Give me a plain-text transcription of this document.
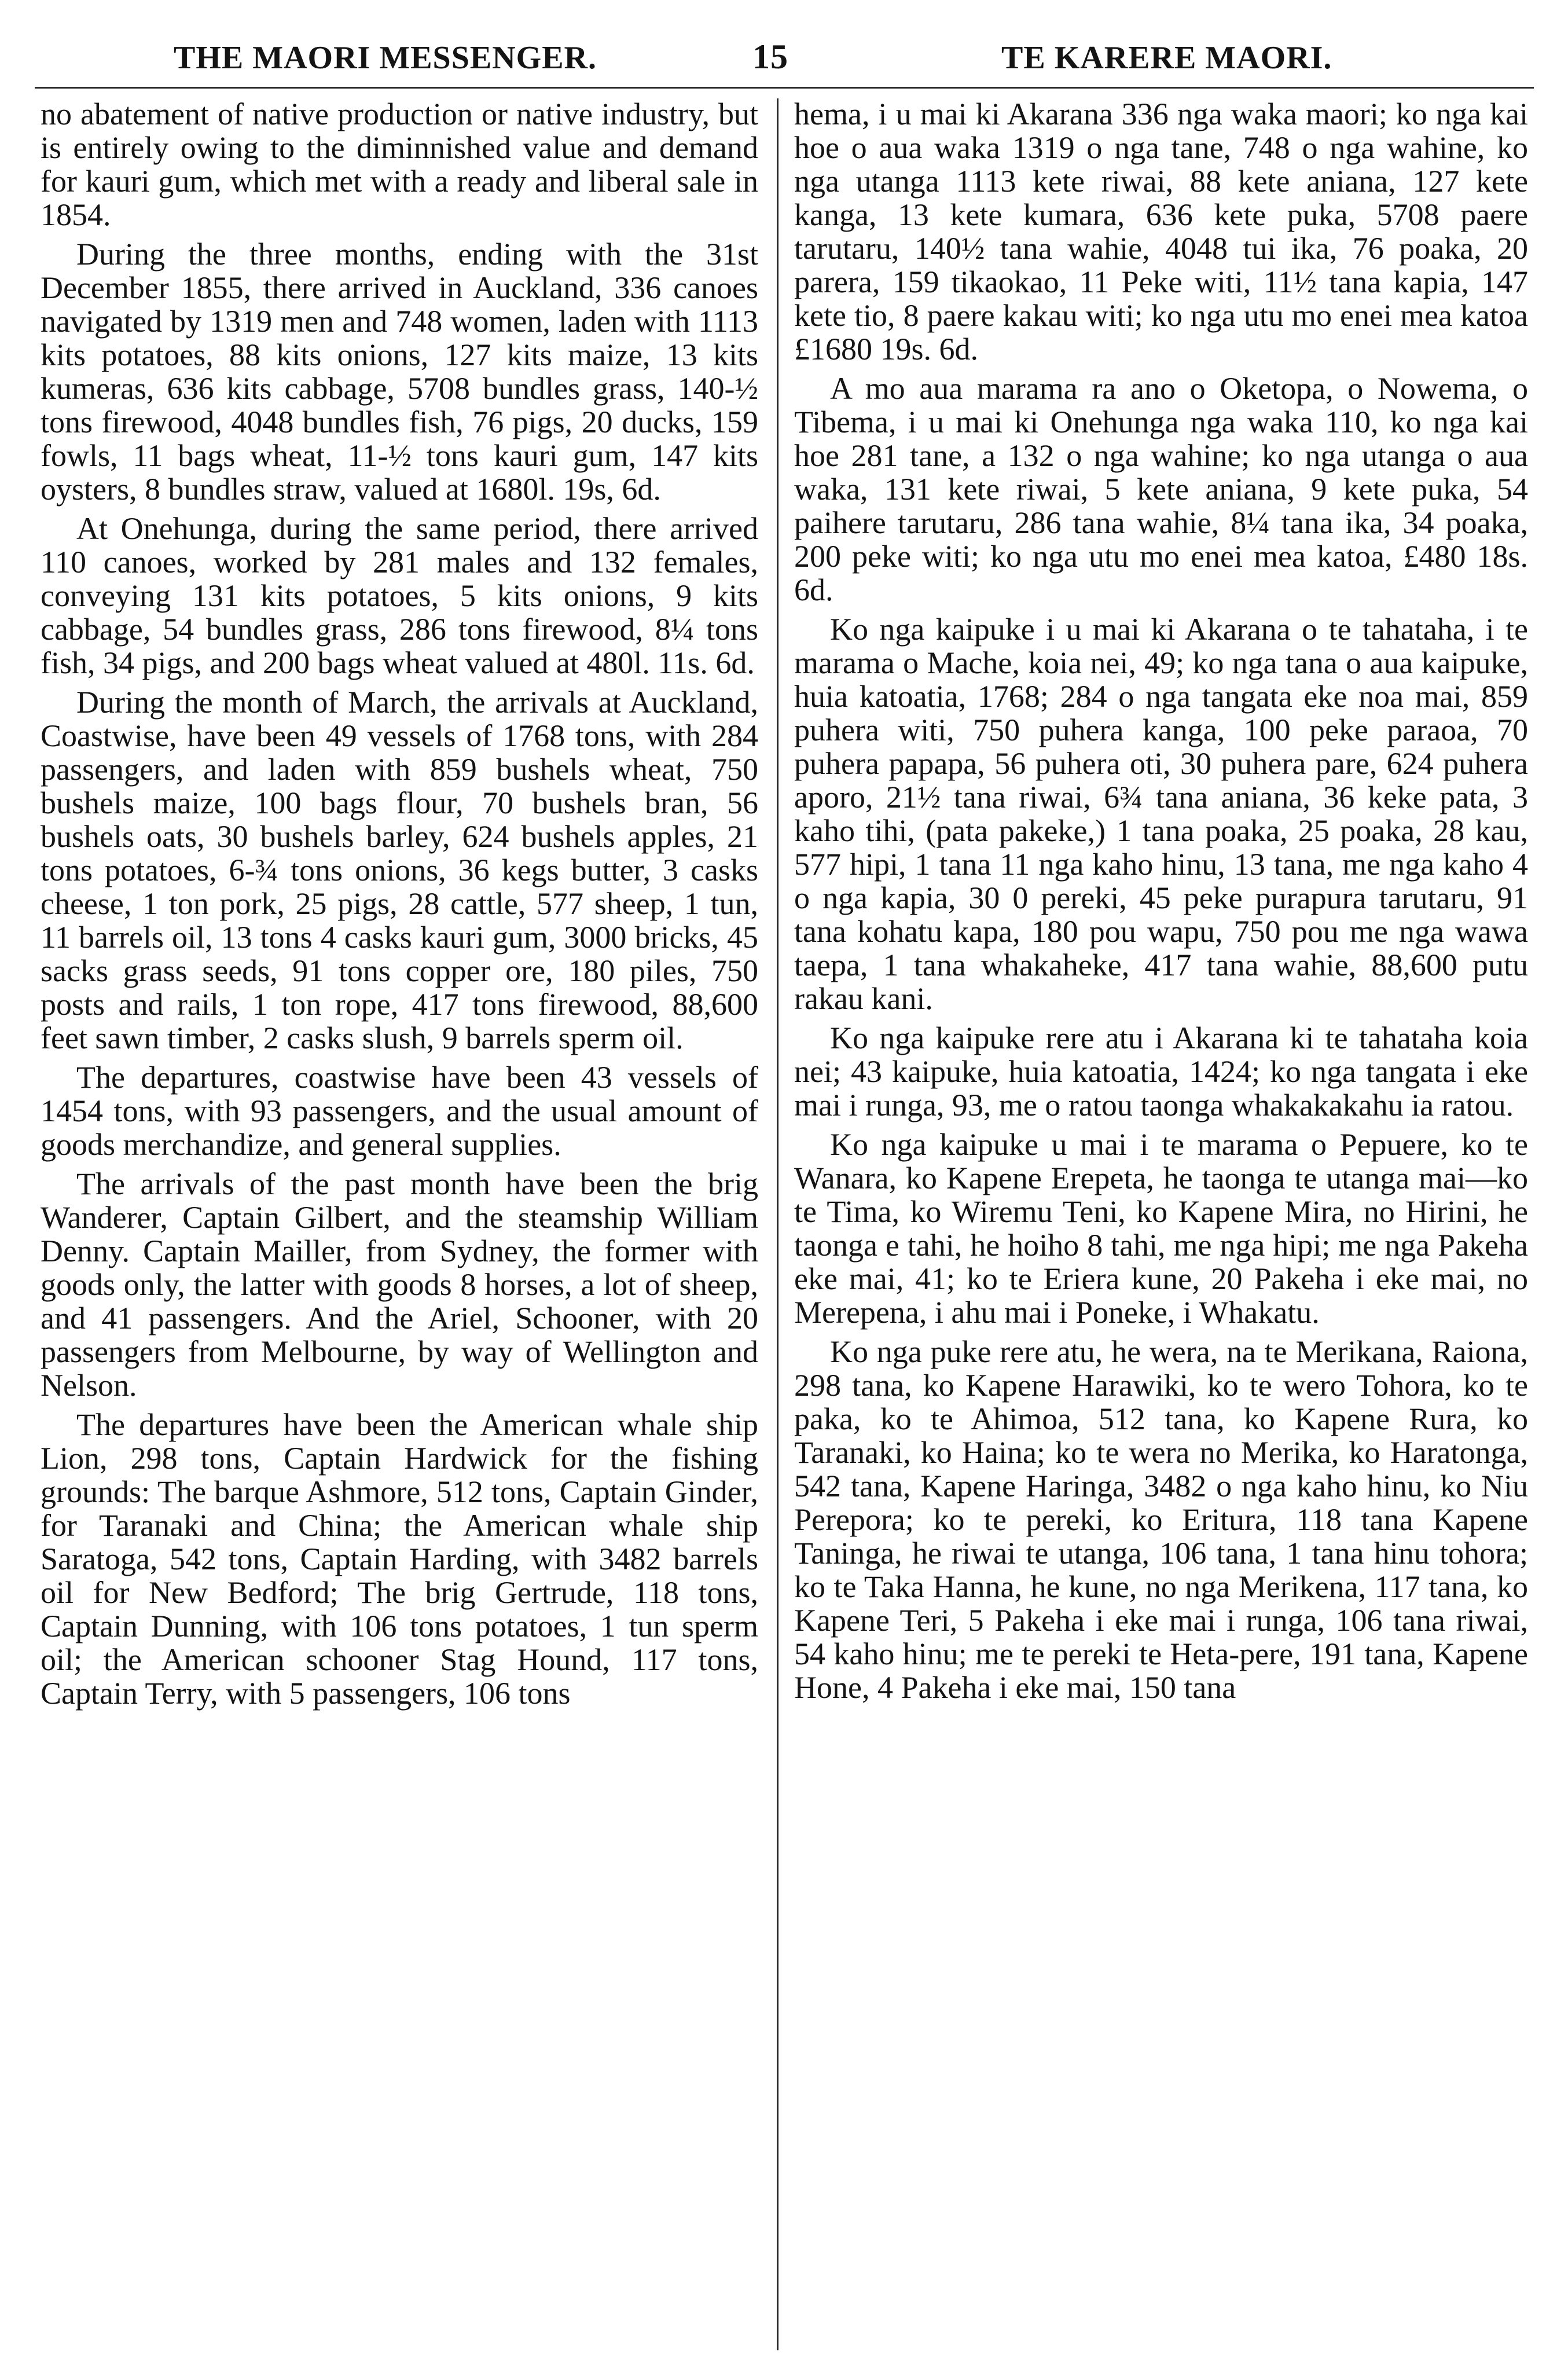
THE MAORI MESSENGER.	15	TE KARERE MAORI.

no abatement of native production or native industry, but is entirely owing to the diminnished value and demand for kauri gum, which met with a ready and liberal sale in 1854.

During the three months, ending with the 31st December 1855, there arrived in Auckland, 336 canoes navigated by 1319 men and 748 women, laden with 1113 kits potatoes, 88 kits onions, 127 kits maize, 13 kits kumeras, 636 kits cabbage, 5708 bundles grass, 140-½ tons firewood, 4048 bundles fish, 76 pigs, 20 ducks, 159 fowls, 11 bags wheat, 11-½ tons kauri gum, 147 kits oysters, 8 bundles straw, valued at 1680l. 19s, 6d.

At Onehunga, during the same period, there arrived 110 canoes, worked by 281 males and 132 females, conveying 131 kits potatoes, 5 kits onions, 9 kits cabbage, 54 bundles grass, 286 tons firewood, 8¼ tons fish, 34 pigs, and 200 bags wheat valued at 480l. 11s. 6d.

During the month of March, the arrivals at Auckland, Coastwise, have been 49 vessels of 1768 tons, with 284 passengers, and laden with 859 bushels wheat, 750 bushels maize, 100 bags flour, 70 bushels bran, 56 bushels oats, 30 bushels barley, 624 bushels apples, 21 tons potatoes, 6-¾ tons onions, 36 kegs butter, 3 casks cheese, 1 ton pork, 25 pigs, 28 cattle, 577 sheep, 1 tun, 11 barrels oil, 13 tons 4 casks kauri gum, 3000 bricks, 45 sacks grass seeds, 91 tons copper ore, 180 piles, 750 posts and rails, 1 ton rope, 417 tons firewood, 88,600 feet sawn timber, 2 casks slush, 9 barrels sperm oil.

The departures, coastwise have been 43 vessels of 1454 tons, with 93 passengers, and the usual amount of goods merchandize, and general supplies.

The arrivals of the past month have been the brig Wanderer, Captain Gilbert, and the steamship William Denny. Captain Mailler, from Sydney, the former with goods only, the latter with goods 8 horses, a lot of sheep, and 41 passengers. And the Ariel, Schooner, with 20 passengers from Melbourne, by way of Wellington and Nelson.

The departures have been the American whale ship Lion, 298 tons, Captain Hardwick for the fishing grounds: The barque Ashmore, 512 tons, Captain Ginder, for Taranaki and China; the American whale ship Saratoga, 542 tons, Captain Harding, with 3482 barrels oil for New Bedford; The brig Gertrude, 118 tons, Captain Dunning, with 106 tons potatoes, 1 tun sperm oil; the American schooner Stag Hound, 117 tons, Captain Terry, with 5 passengers, 106 tons

hema, i u mai ki Akarana 336 nga waka maori; ko nga kai hoe o aua waka 1319 o nga tane, 748 o nga wahine, ko nga utanga 1113 kete riwai, 88 kete aniana, 127 kete kanga, 13 kete kumara, 636 kete puka, 5708 paere tarutaru, 140½ tana wahie, 4048 tui ika, 76 poaka, 20 parera, 159 tikaokao, 11 Peke witi, 11½ tana kapia, 147 kete tio, 8 paere kakau witi; ko nga utu mo enei mea katoa £1680 19s. 6d.

A mo aua marama ra ano o Oketopa, o Nowema, o Tibema, i u mai ki Onehunga nga waka 110, ko nga kai hoe 281 tane, a 132 o nga wahine; ko nga utanga o aua waka, 131 kete riwai, 5 kete aniana, 9 kete puka, 54 paihere tarutaru, 286 tana wahie, 8¼ tana ika, 34 poaka, 200 peke witi; ko nga utu mo enei mea katoa, £480 18s. 6d.

Ko nga kaipuke i u mai ki Akarana o te tahataha, i te marama o Mache, koia nei, 49; ko nga tana o aua kaipuke, huia katoatia, 1768; 284 o nga tangata eke noa mai, 859 puhera witi, 750 puhera kanga, 100 peke paraoa, 70 puhera papapa, 56 puhera oti, 30 puhera pare, 624 puhera aporo, 21½ tana riwai, 6¾ tana aniana, 36 keke pata, 3 kaho tihi, (pata pakeke,) 1 tana poaka, 25 poaka, 28 kau, 577 hipi, 1 tana 11 nga kaho hinu, 13 tana, me nga kaho 4 o nga kapia, 30 0 pereki, 45 peke purapura tarutaru, 91 tana kohatu kapa, 180 pou wapu, 750 pou me nga wawa taepa, 1 tana whakaheke, 417 tana wahie, 88,600 putu rakau kani.

Ko nga kaipuke rere atu i Akarana ki te tahataha koia nei; 43 kaipuke, huia katoatia, 1424; ko nga tangata i eke mai i runga, 93, me o ratou taonga whakakakahu ia ratou.

Ko nga kaipuke u mai i te marama o Pepuere, ko te Wanara, ko Kapene Erepeta, he taonga te utanga mai—ko te Tima, ko Wiremu Teni, ko Kapene Mira, no Hirini, he taonga e tahi, he hoiho 8 tahi, me nga hipi; me nga Pakeha eke mai, 41; ko te Eriera kune, 20 Pakeha i eke mai, no Merepena, i ahu mai i Poneke, i Whakatu.

Ko nga puke rere atu, he wera, na te Merikana, Raiona, 298 tana, ko Kapene Harawiki, ko te wero Tohora, ko te paka, ko te Ahimoa, 512 tana, ko Kapene Rura, ko Taranaki, ko Haina; ko te wera no Merika, ko Haratonga, 542 tana, Kapene Haringa, 3482 o nga kaho hinu, ko Niu Perepora; ko te pereki, ko Eritura, 118 tana Kapene Taninga, he riwai te utanga, 106 tana, 1 tana hinu tohora; ko te Taka Hanna, he kune, no nga Merikena, 117 tana, ko Kapene Teri, 5 Pakeha i eke mai i runga, 106 tana riwai, 54 kaho hinu; me te pereki te Heta-pere, 191 tana, Kapene Hone, 4 Pakeha i eke mai, 150 tana
